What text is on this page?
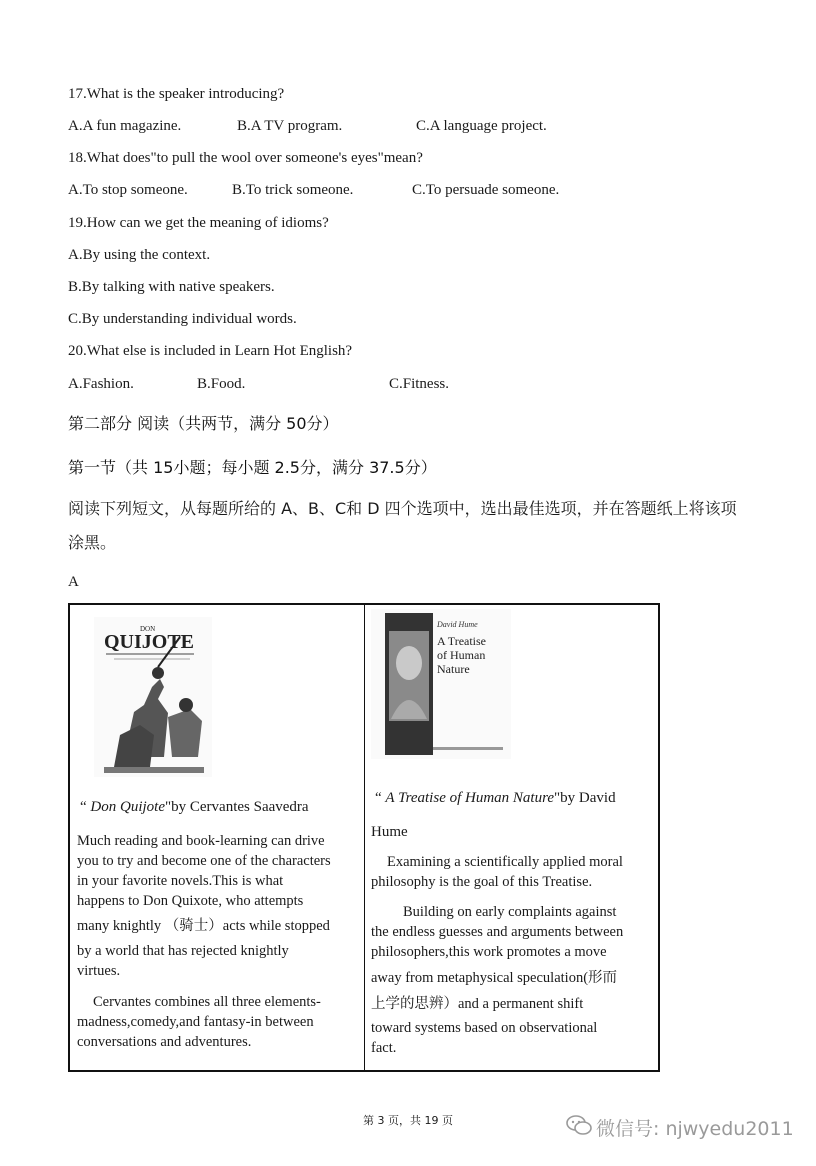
17.What is the speaker introducing?
A.A fun magazine.	B.A TV program.	C.A language project.
18.What does"to pull the wool over someone's eyes"mean?
A.To stop someone.	B.To trick someone.	C.To persuade someone.
19.How can we get the meaning of idioms?
A.By using the context.
B.By talking with native speakers.
C.By understanding individual words.
20.What else is included in Learn Hot English?
A.Fashion.	B.Food.	C.Fitness.
第二部分 阅读（共两节，满分 50分）
第一节（共 15小题；每小题 2.5分，满分 37.5分）
阅读下列短文，从每题所给的 A、B、C和 D 四个选项中，选出最佳选项，并在答题纸上将该项
涂黑。
A
DON
QUIJOTE
“ Don Quijote"by Cervantes Saavedra
Much reading and book-learning can drive
you to try and become one of the characters
in your favorite novels.This is what
happens to Don Quixote, who attempts
many knightly （骑士）acts while stopped
by a world that has rejected knightly
virtues.
Cervantes combines all three elements-
madness,comedy,and fantasy-in between
conversations and adventures.

David Hume
A Treatise
of Human
Nature
“ A Treatise of Human Nature"by David
Hume
Examining a scientifically applied moral
philosophy is the goal of this Treatise.
Building on early complaints against
the endless guesses and arguments between
philosophers,this work promotes a move
away from metaphysical speculation(形而
上学的思辨）and a permanent shift
toward systems based on observational
fact.
第 3 页，共 19 页	微信号: njwyedu2011
